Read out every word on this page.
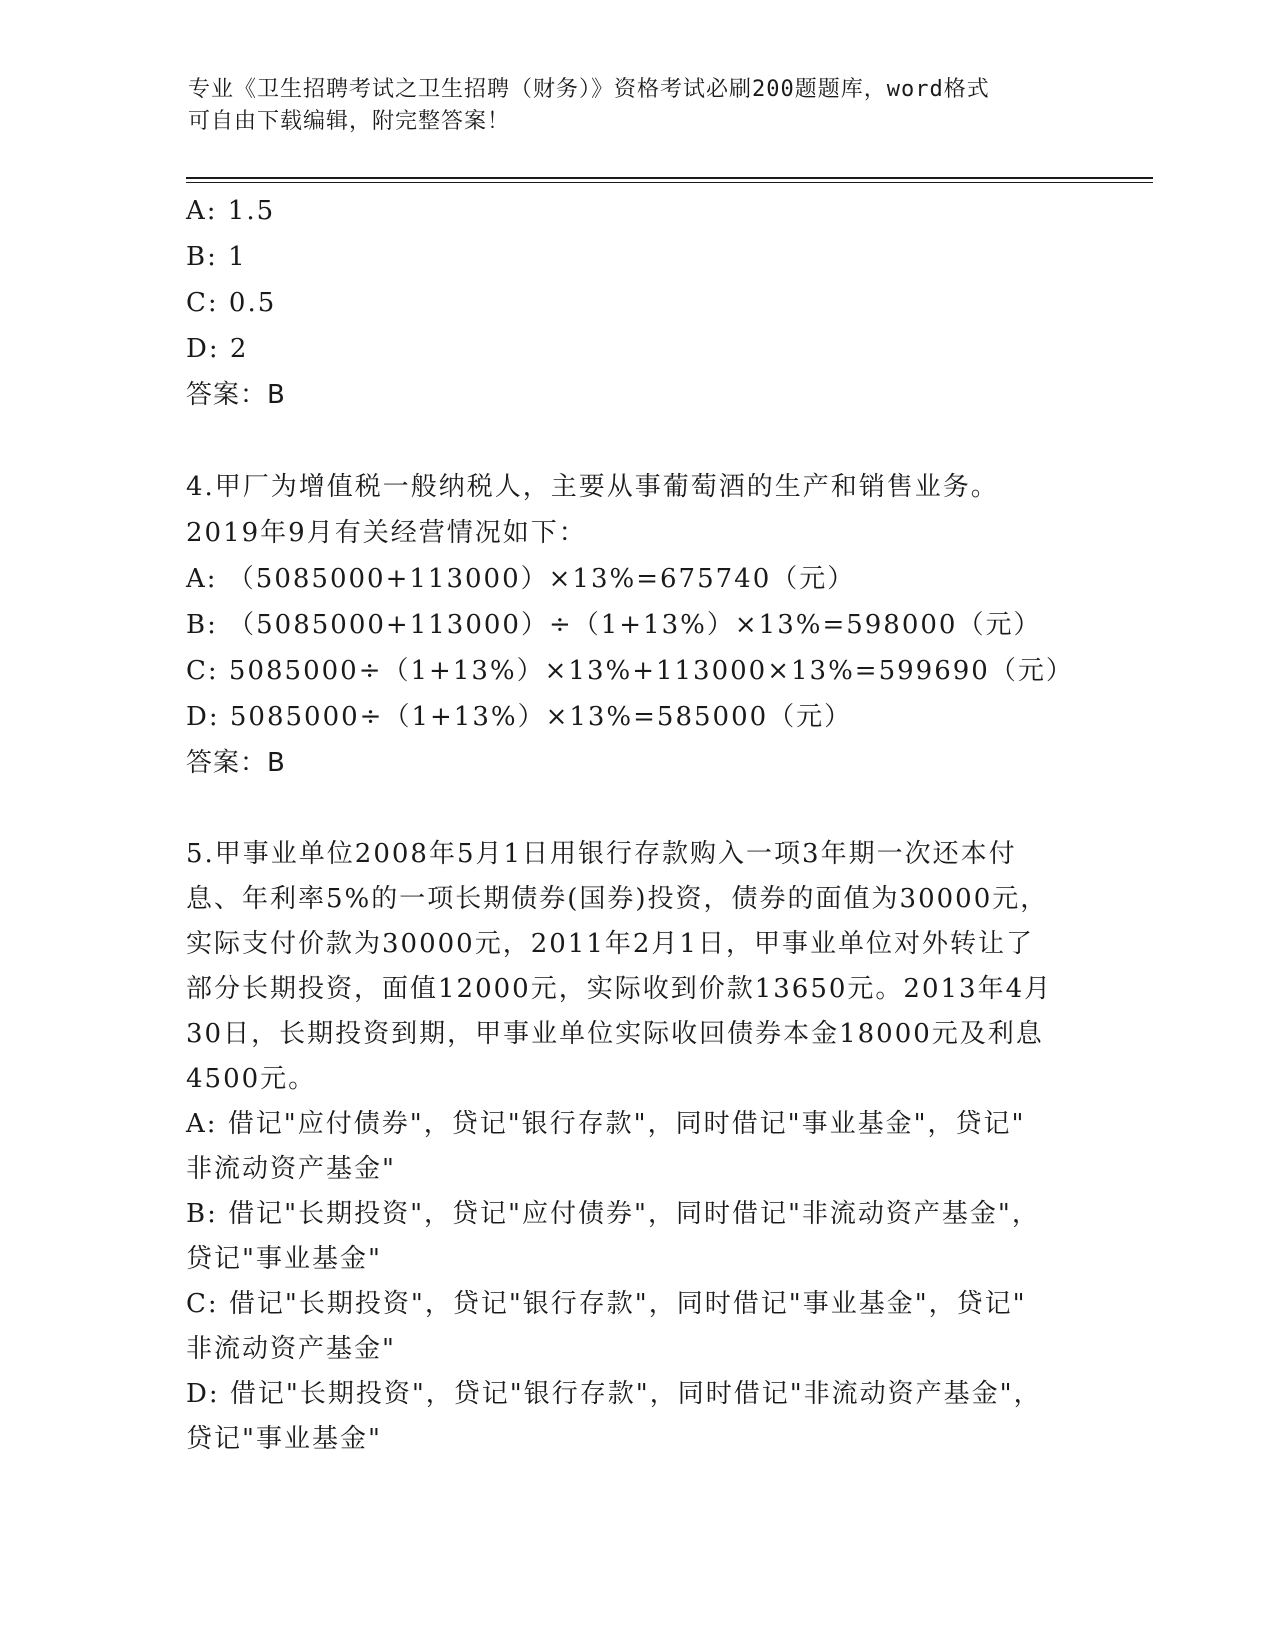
专业《卫生招聘考试之卫生招聘（财务）》资格考试必刷200题题库，word格式
可自由下载编辑，附完整答案！
A: 1.5
B: 1
C: 0.5
D: 2
答案：B
4.甲厂为增值税一般纳税人，主要从事葡萄酒的生产和销售业务。
2019年9月有关经营情况如下：
A: （5085000+113000）×13%=675740（元）
B: （5085000+113000）÷（1+13%）×13%=598000（元）
C: 5085000÷（1+13%）×13%+113000×13%=599690（元）
D: 5085000÷（1+13%）×13%=585000（元）
答案：B
5.甲事业单位2008年5月1日用银行存款购入一项3年期一次还本付
息、年利率5%的一项长期债券(国券)投资，债券的面值为30000元，
实际支付价款为30000元，2011年2月1日，甲事业单位对外转让了
部分长期投资，面值12000元，实际收到价款13650元。2013年4月
30日，长期投资到期，甲事业单位实际收回债券本金18000元及利息
4500元。
A: 借记"应付债券"，贷记"银行存款"，同时借记"事业基金"，贷记"
非流动资产基金"
B: 借记"长期投资"，贷记"应付债券"，同时借记"非流动资产基金"，
贷记"事业基金"
C: 借记"长期投资"，贷记"银行存款"，同时借记"事业基金"，贷记"
非流动资产基金"
D: 借记"长期投资"，贷记"银行存款"，同时借记"非流动资产基金"，
贷记"事业基金"
